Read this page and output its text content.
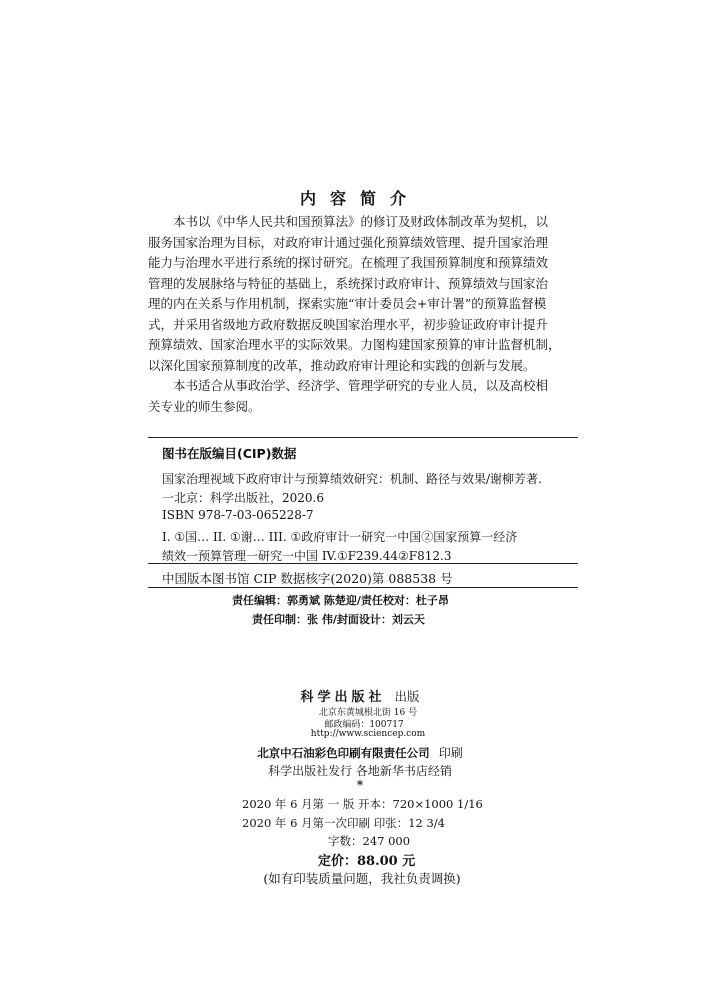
内容简介

本书以《中华人民共和国预算法》的修订及财政体制改革为契机，以
服务国家治理为目标，对政府审计通过强化预算绩效管理、提升国家治理
能力与治理水平进行系统的探讨研究。在梳理了我国预算制度和预算绩效
管理的发展脉络与特征的基础上，系统探讨政府审计、预算绩效与国家治
理的内在关系与作用机制，探索实施“审计委员会+审计署”的预算监督模
式，并采用省级地方政府数据反映国家治理水平，初步验证政府审计提升
预算绩效、国家治理水平的实际效果。力图构建国家预算的审计监督机制，
以深化国家预算制度的改革，推动政府审计理论和实践的创新与发展。

本书适合从事政治学、经济学、管理学研究的专业人员，以及高校相
关专业的师生参阅。

图书在版编目(CIP)数据
国家治理视域下政府审计与预算绩效研究：机制、路径与效果/谢柳芳著.
一北京：科学出版社，2020.6
ISBN 978-7-03-065228-7
I. ①国… II. ①谢… III. ①政府审计一研究一中国②国家预算一经济
绩效一预算管理一研究一中国 IV.①F239.44②F812.3
中国版本图书馆 CIP 数据核字(2020)第 088538 号
责任编辑：郭勇斌 陈楚迎/责任校对：杜子昂
责任印制：张 伟/封面设计：刘云天
科学出版社 出版
北京东黄城根北街 16 号
邮政编码：100717
http://www.sciencep.com
北京中石油彩色印刷有限责任公司 印刷
科学出版社发行 各地新华书店经销
*
2020 年 6 月第 一 版 开本：720×1000 1/16
2020 年 6 月第一次印刷 印张：12 3/4
字数：247 000
定价：88.00 元
(如有印装质量问题，我社负责调换)
